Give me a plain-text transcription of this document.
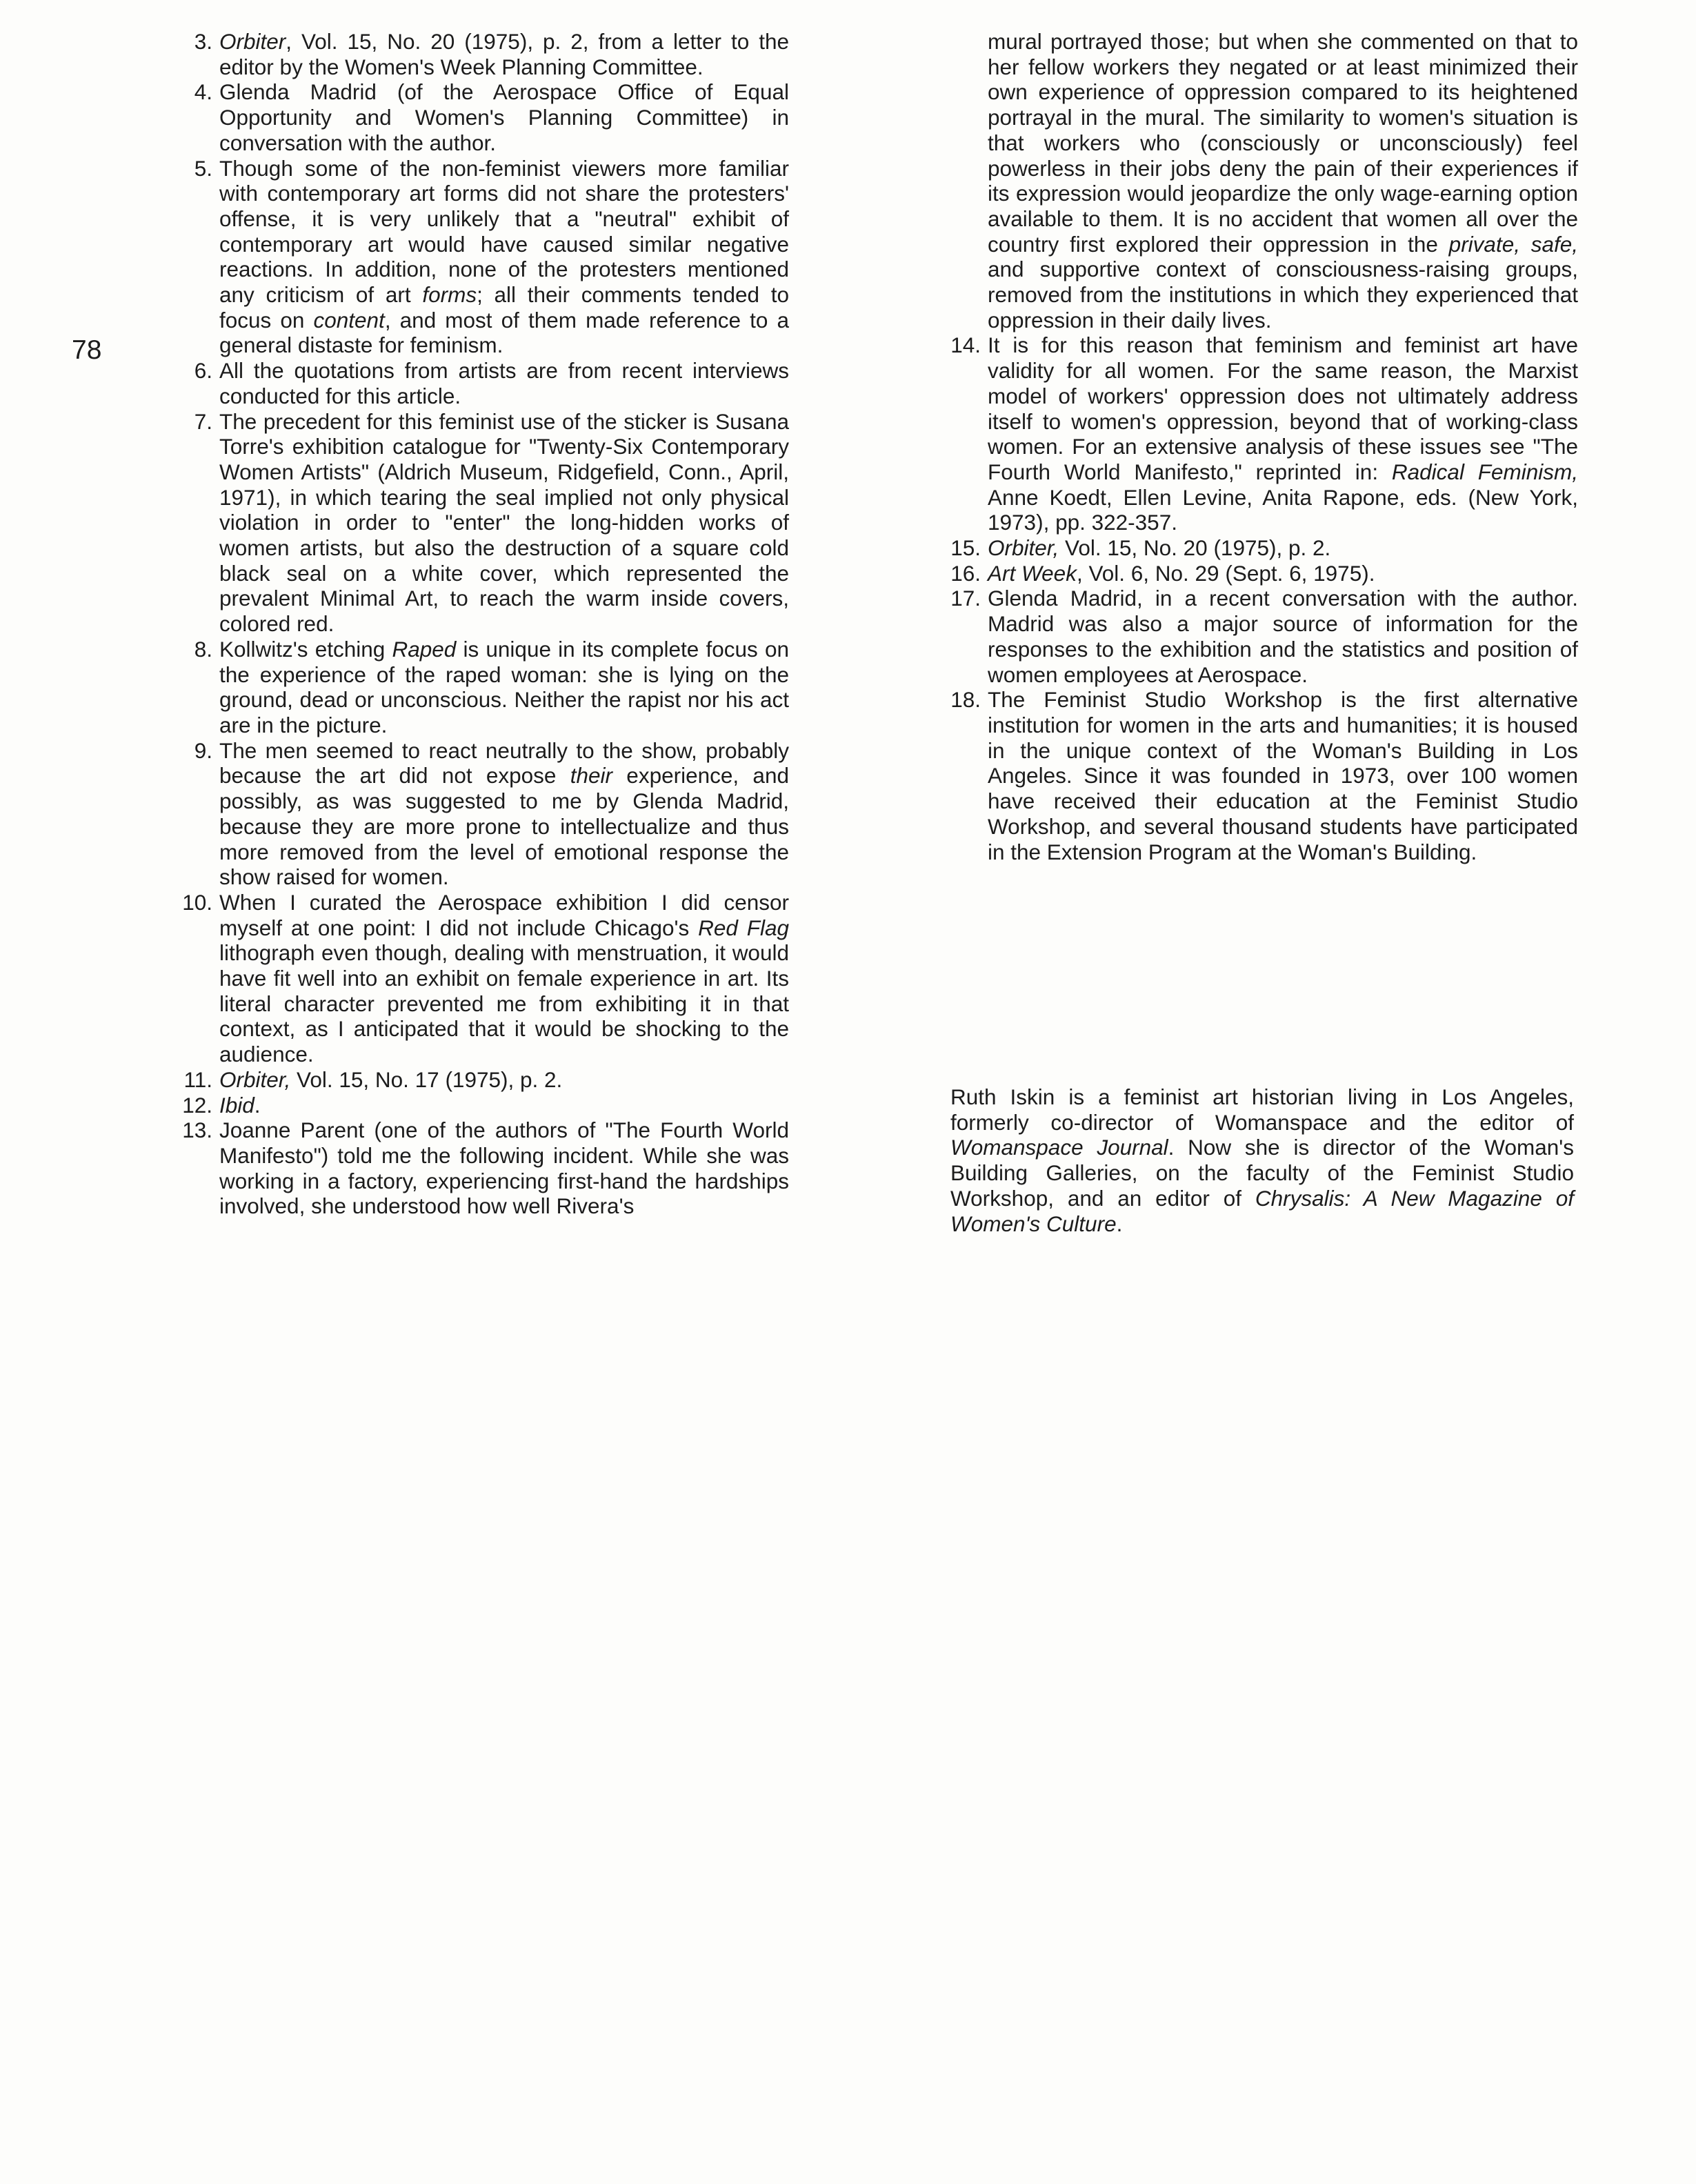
78
3. Orbiter, Vol. 15, No. 20 (1975), p. 2, from a letter to the editor by the Women's Week Planning Committee.
4. Glenda Madrid (of the Aerospace Office of Equal Opportunity and Women's Planning Committee) in conversation with the author.
5. Though some of the non-feminist viewers more familiar with contemporary art forms did not share the protesters' offense, it is very unlikely that a "neutral" exhibit of contemporary art would have caused similar negative reactions. In addition, none of the protesters mentioned any criticism of art forms; all their comments tended to focus on content, and most of them made reference to a general distaste for feminism.
6. All the quotations from artists are from recent interviews conducted for this article.
7. The precedent for this feminist use of the sticker is Susana Torre's exhibition catalogue for "Twenty-Six Contemporary Women Artists" (Aldrich Museum, Ridgefield, Conn., April, 1971), in which tearing the seal implied not only physical violation in order to "enter" the long-hidden works of women artists, but also the destruction of a square cold black seal on a white cover, which represented the prevalent Minimal Art, to reach the warm inside covers, colored red.
8. Kollwitz's etching Raped is unique in its complete focus on the experience of the raped woman: she is lying on the ground, dead or unconscious. Neither the rapist nor his act are in the picture.
9. The men seemed to react neutrally to the show, probably because the art did not expose their experience, and possibly, as was suggested to me by Glenda Madrid, because they are more prone to intellectualize and thus more removed from the level of emotional response the show raised for women.
10. When I curated the Aerospace exhibition I did censor myself at one point: I did not include Chicago's Red Flag lithograph even though, dealing with menstruation, it would have fit well into an exhibit on female experience in art. Its literal character prevented me from exhibiting it in that context, as I anticipated that it would be shocking to the audience.
11. Orbiter, Vol. 15, No. 17 (1975), p. 2.
12. Ibid.
13. Joanne Parent (one of the authors of "The Fourth World Manifesto") told me the following incident. While she was working in a factory, experiencing first-hand the hardships involved, she understood how well Rivera's
mural portrayed those; but when she commented on that to her fellow workers they negated or at least minimized their own experience of oppression compared to its heightened portrayal in the mural. The similarity to women's situation is that workers who (consciously or unconsciously) feel powerless in their jobs deny the pain of their experiences if its expression would jeopardize the only wage-earning option available to them. It is no accident that women all over the country first explored their oppression in the private, safe, and supportive context of consciousness-raising groups, removed from the institutions in which they experienced that oppression in their daily lives.
14. It is for this reason that feminism and feminist art have validity for all women. For the same reason, the Marxist model of workers' oppression does not ultimately address itself to women's oppression, beyond that of working-class women. For an extensive analysis of these issues see "The Fourth World Manifesto," reprinted in: Radical Feminism, Anne Koedt, Ellen Levine, Anita Rapone, eds. (New York, 1973), pp. 322-357.
15. Orbiter, Vol. 15, No. 20 (1975), p. 2.
16. Art Week, Vol. 6, No. 29 (Sept. 6, 1975).
17. Glenda Madrid, in a recent conversation with the author. Madrid was also a major source of information for the responses to the exhibition and the statistics and position of women employees at Aerospace.
18. The Feminist Studio Workshop is the first alternative institution for women in the arts and humanities; it is housed in the unique context of the Woman's Building in Los Angeles. Since it was founded in 1973, over 100 women have received their education at the Feminist Studio Workshop, and several thousand students have participated in the Extension Program at the Woman's Building.
Ruth Iskin is a feminist art historian living in Los Angeles, formerly co-director of Womanspace and the editor of Womanspace Journal. Now she is director of the Woman's Building Galleries, on the faculty of the Feminist Studio Workshop, and an editor of Chrysalis: A New Magazine of Women's Culture.
